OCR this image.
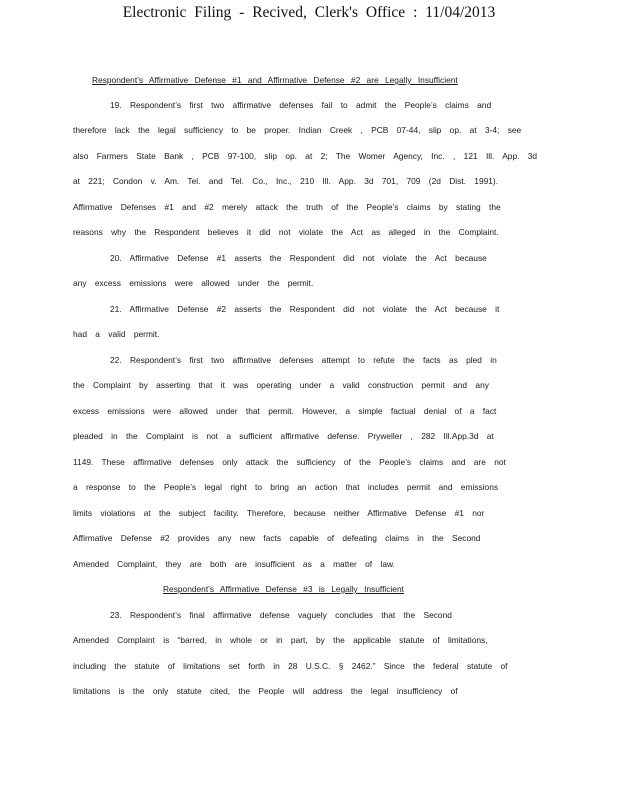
Electronic Filing - Recived, Clerk's Office : 11/04/2013
Respondent’s Affirmative Defense #1 and Affirmative Defense #2 are Legally Insufficient
19. Respondent’s first two affirmative defenses fail to admit the People’s claims and
therefore lack the legal sufficiency to be proper. Indian Creek , PCB 07-44, slip op. at 3-4; see
also Farmers State Bank , PCB 97-100, slip op. at 2; The Womer Agency, Inc. , 121 Ill. App. 3d
at 221; Condon v. Am. Tel. and Tel. Co., Inc., 210 Ill. App. 3d 701, 709 (2d Dist. 1991).
Affirmative Defenses #1 and #2 merely attack the truth of the People’s claims by stating the
reasons why the Respondent believes it did not violate the Act as alleged in the Complaint.
20. Affirmative Defense #1 asserts the Respondent did not violate the Act because
any excess emissions were allowed under the permit.
21. Affirmative Defense #2 asserts the Respondent did not violate the Act because it
had a valid permit.
22. Respondent’s first two affirmative defenses attempt to refute the facts as pled in
the Complaint by asserting that it was operating under a valid construction permit and any
excess emissions were allowed under that permit. However, a simple factual denial of a fact
pleaded in the Complaint is not a sufficient affirmative defense. Pryweller , 282 Ill.App.3d at
1149. These affirmative defenses only attack the sufficiency of the People’s claims and are not
a response to the People’s legal right to bring an action that includes permit and emissions
limits violations at the subject facility. Therefore, because neither Affirmative Defense #1 nor
Affirmative Defense #2 provides any new facts capable of defeating claims in the Second
Amended Complaint, they are both are insufficient as a matter of law.
Respondent’s Affirmative Defense #3 is Legally Insufficient
23. Respondent’s final affirmative defense vaguely concludes that the Second
Amended Complaint is “barred, in whole or in part, by the applicable statute of limitations,
including the statute of limitations set forth in 28 U.S.C. § 2462.” Since the federal statute of
limitations is the only statute cited, the People will address the legal insufficiency of
